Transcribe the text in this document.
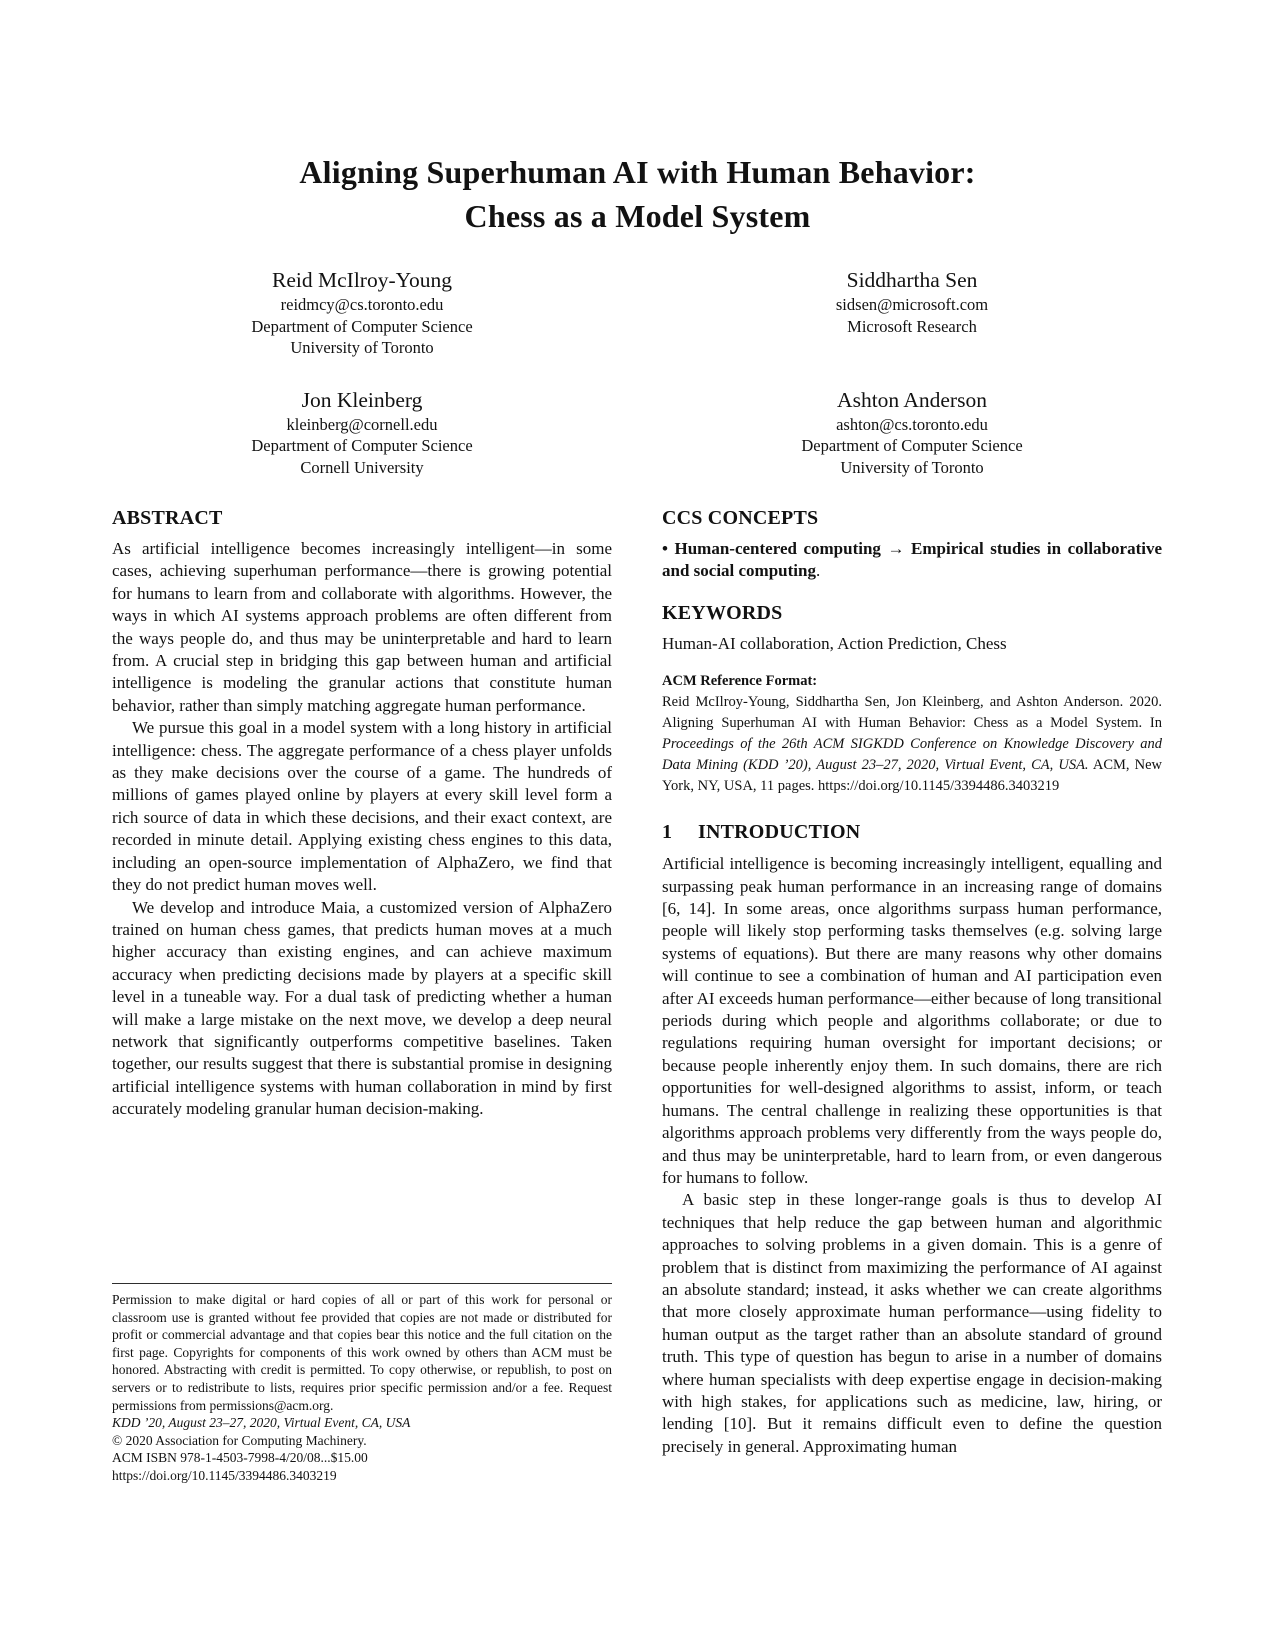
Aligning Superhuman AI with Human Behavior:
Chess as a Model System
Reid McIlroy-Young
reidmcy@cs.toronto.edu
Department of Computer Science
University of Toronto
Siddhartha Sen
sidsen@microsoft.com
Microsoft Research
Jon Kleinberg
kleinberg@cornell.edu
Department of Computer Science
Cornell University
Ashton Anderson
ashton@cs.toronto.edu
Department of Computer Science
University of Toronto
ABSTRACT

As artificial intelligence becomes increasingly intelligent—in some cases, achieving superhuman performance—there is growing potential for humans to learn from and collaborate with algorithms. However, the ways in which AI systems approach problems are often different from the ways people do, and thus may be uninterpretable and hard to learn from. A crucial step in bridging this gap between human and artificial intelligence is modeling the granular actions that constitute human behavior, rather than simply matching aggregate human performance.

We pursue this goal in a model system with a long history in artificial intelligence: chess. The aggregate performance of a chess player unfolds as they make decisions over the course of a game. The hundreds of millions of games played online by players at every skill level form a rich source of data in which these decisions, and their exact context, are recorded in minute detail. Applying existing chess engines to this data, including an open-source implementation of AlphaZero, we find that they do not predict human moves well.

We develop and introduce Maia, a customized version of AlphaZero trained on human chess games, that predicts human moves at a much higher accuracy than existing engines, and can achieve maximum accuracy when predicting decisions made by players at a specific skill level in a tuneable way. For a dual task of predicting whether a human will make a large mistake on the next move, we develop a deep neural network that significantly outperforms competitive baselines. Taken together, our results suggest that there is substantial promise in designing artificial intelligence systems with human collaboration in mind by first accurately modeling granular human decision-making.

CCS CONCEPTS

• Human-centered computing → Empirical studies in collaborative and social computing.

KEYWORDS

Human-AI collaboration, Action Prediction, Chess

ACM Reference Format:

Reid McIlroy-Young, Siddhartha Sen, Jon Kleinberg, and Ashton Anderson. 2020. Aligning Superhuman AI with Human Behavior: Chess as a Model System. In Proceedings of the 26th ACM SIGKDD Conference on Knowledge Discovery and Data Mining (KDD ’20), August 23–27, 2020, Virtual Event, CA, USA. ACM, New York, NY, USA, 11 pages. https://doi.org/10.1145/3394486.3403219

1 INTRODUCTION

Artificial intelligence is becoming increasingly intelligent, equalling and surpassing peak human performance in an increasing range of domains [6, 14]. In some areas, once algorithms surpass human performance, people will likely stop performing tasks themselves (e.g. solving large systems of equations). But there are many reasons why other domains will continue to see a combination of human and AI participation even after AI exceeds human performance—either because of long transitional periods during which people and algorithms collaborate; or due to regulations requiring human oversight for important decisions; or because people inherently enjoy them. In such domains, there are rich opportunities for well-designed algorithms to assist, inform, or teach humans. The central challenge in realizing these opportunities is that algorithms approach problems very differently from the ways people do, and thus may be uninterpretable, hard to learn from, or even dangerous for humans to follow.

A basic step in these longer-range goals is thus to develop AI techniques that help reduce the gap between human and algorithmic approaches to solving problems in a given domain. This is a genre of problem that is distinct from maximizing the performance of AI against an absolute standard; instead, it asks whether we can create algorithms that more closely approximate human performance—using fidelity to human output as the target rather than an absolute standard of ground truth. This type of question has begun to arise in a number of domains where human specialists with deep expertise engage in decision-making with high stakes, for applications such as medicine, law, hiring, or lending [10]. But it remains difficult even to define the question precisely in general. Approximating human

Permission to make digital or hard copies of all or part of this work for personal or classroom use is granted without fee provided that copies are not made or distributed for profit or commercial advantage and that copies bear this notice and the full citation on the first page. Copyrights for components of this work owned by others than ACM must be honored. Abstracting with credit is permitted. To copy otherwise, or republish, to post on servers or to redistribute to lists, requires prior specific permission and/or a fee. Request permissions from permissions@acm.org.

KDD ’20, August 23–27, 2020, Virtual Event, CA, USA

© 2020 Association for Computing Machinery.

ACM ISBN 978-1-4503-7998-4/20/08...$15.00

https://doi.org/10.1145/3394486.3403219
